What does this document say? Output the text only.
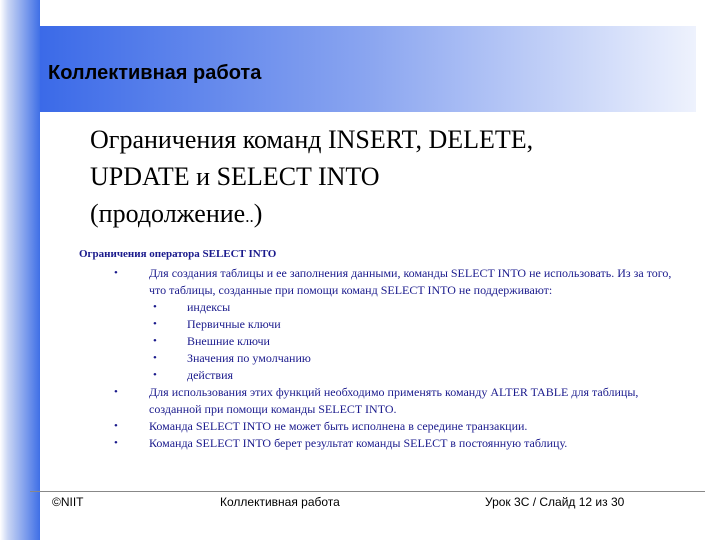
Коллективная работа
Ограничения команд INSERT, DELETE,
UPDATE и SELECT INTO
(продолжение..)

Ограничения оператора SELECT INTO

•	Для создания таблицы и ее заполнения данными, команды SELECT INTO не использовать. Из за того, что таблицы, созданные при помощи команд SELECT INTO не поддерживают:
•	индексы
•	Первичные ключи
•	Внешние ключи
•	Значения по умолчанию
•	действия
•	Для использования этих функций необходимо применять команду ALTER TABLE для таблицы, созданной при помощи команды SELECT INTO.
•	Команда SELECT INTO не может быть исполнена в середине транзакции.
•	Команда SELECT INTO берет результат команды SELECT в постоянную таблицу.

©NIIT	Коллективная работа	Урок 3С / Слайд 12 из 30
